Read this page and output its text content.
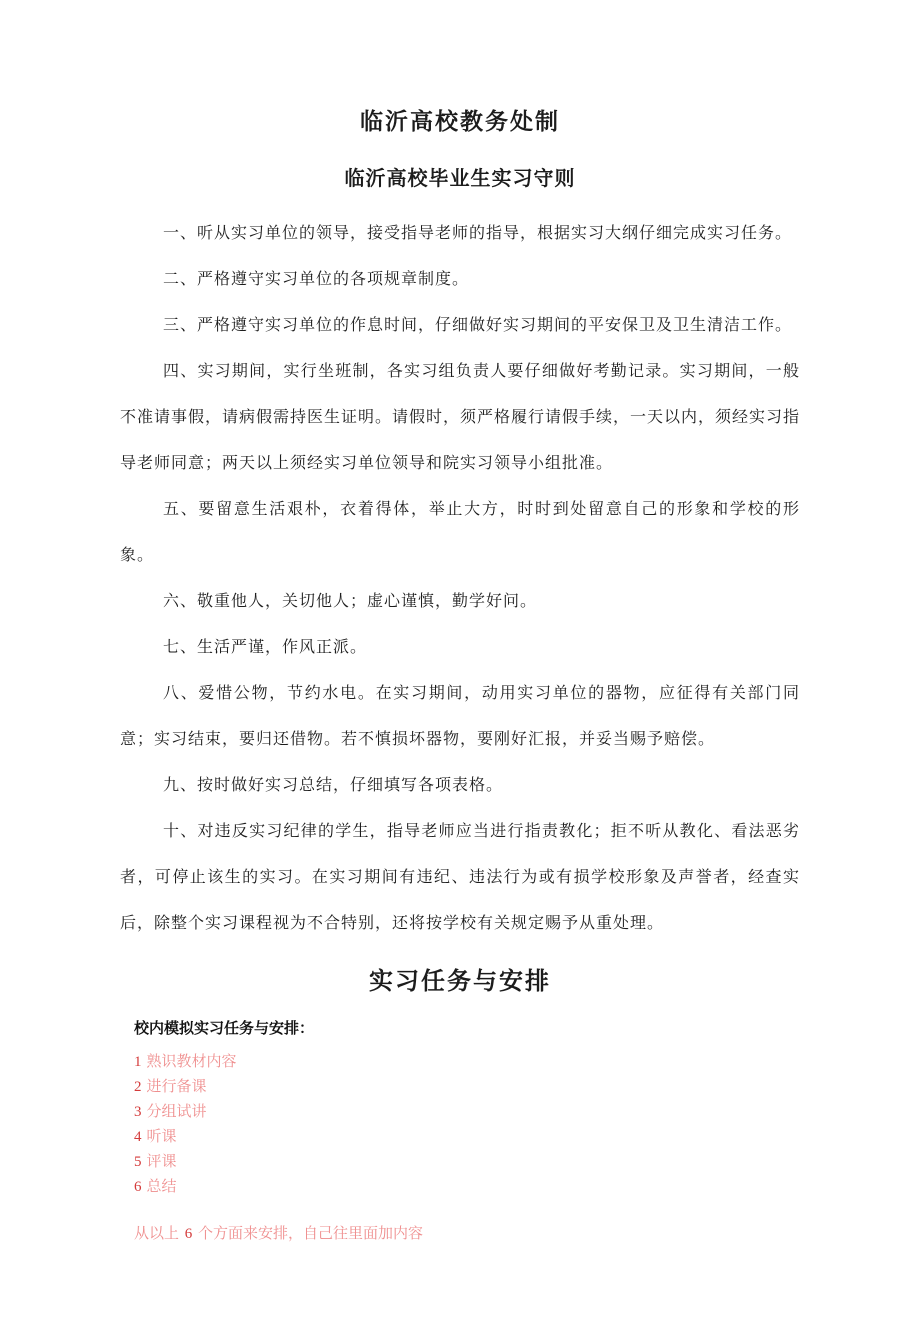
临沂高校教务处制
临沂高校毕业生实习守则

一、听从实习单位的领导，接受指导老师的指导，根据实习大纲仔细完成实习任务。

二、严格遵守实习单位的各项规章制度。

三、严格遵守实习单位的作息时间，仔细做好实习期间的平安保卫及卫生清洁工作。

四、实习期间，实行坐班制，各实习组负责人要仔细做好考勤记录。实习期间，一般不准请事假，请病假需持医生证明。请假时，须严格履行请假手续，一天以内，须经实习指导老师同意；两天以上须经实习单位领导和院实习领导小组批准。

五、要留意生活艰朴，衣着得体，举止大方，时时到处留意自己的形象和学校的形象。

六、敬重他人，关切他人；虚心谨慎，勤学好问。

七、生活严谨，作风正派。

八、爱惜公物，节约水电。在实习期间，动用实习单位的器物，应征得有关部门同意；实习结束，要归还借物。若不慎损坏器物，要刚好汇报，并妥当赐予赔偿。

九、按时做好实习总结，仔细填写各项表格。

十、对违反实习纪律的学生，指导老师应当进行指责教化；拒不听从教化、看法恶劣者，可停止该生的实习。在实习期间有违纪、违法行为或有损学校形象及声誉者，经查实后，除整个实习课程视为不合特别，还将按学校有关规定赐予从重处理。

实习任务与安排

校内模拟实习任务与安排：

1 熟识教材内容
2 进行备课
3 分组试讲
4 听课
5 评课
6 总结

从以上 6 个方面来安排，自己往里面加内容
